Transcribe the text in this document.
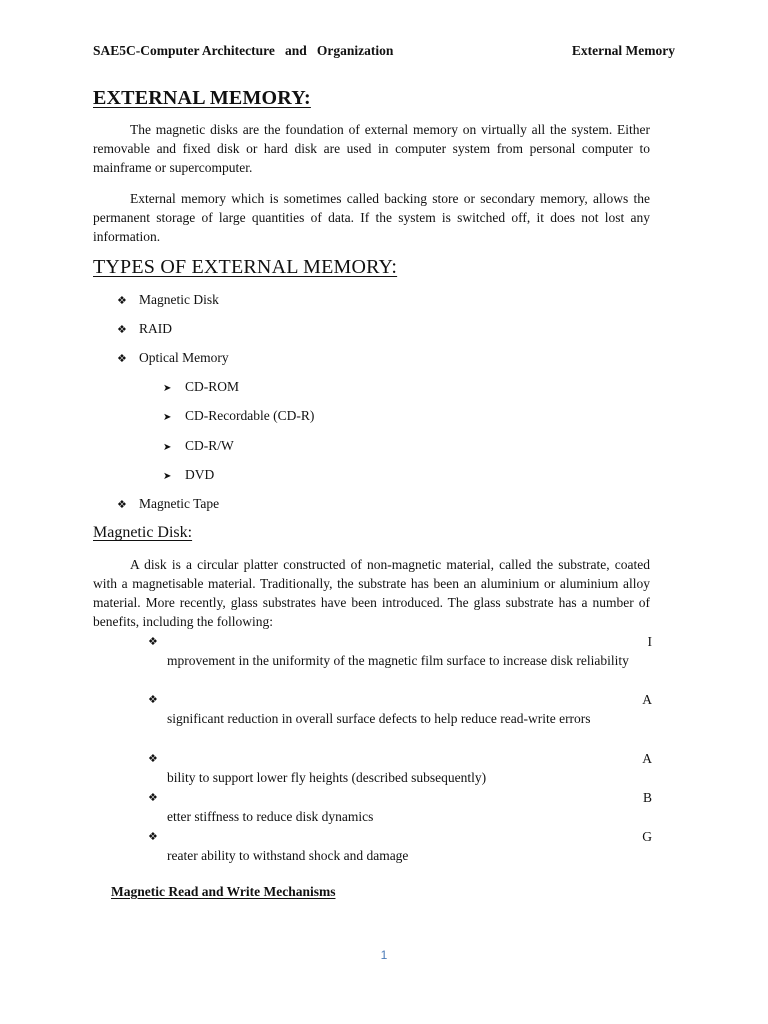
SAE5C-Computer Architecture   and   Organization	External Memory
EXTERNAL MEMORY:

The magnetic disks are the foundation of external memory on virtually all the system. Either removable and fixed disk or hard disk are used in computer system from personal computer to mainframe or supercomputer.

External memory which is sometimes called backing store or secondary memory, allows the permanent storage of large quantities of data. If the system is switched off, it does not lost any information.

TYPES OF EXTERNAL MEMORY:
❖ Magnetic Disk
❖ RAID
❖ Optical Memory
➤ CD-ROM
➤ CD-Recordable (CD-R)
➤ CD-R/W
➤ DVD
❖ Magnetic Tape
Magnetic Disk:

A disk is a circular platter constructed of non-magnetic material, called the substrate, coated with a magnetisable material. Traditionally, the substrate has been an aluminium or aluminium alloy material. More recently, glass substrates have been introduced. The glass substrate has a number of benefits, including the following:

❖	I
mprovement in the uniformity of the magnetic film surface to increase disk reliability
❖	A
significant reduction in overall surface defects to help reduce read-write errors
❖	A
bility to support lower fly heights (described subsequently)
❖	B
etter stiffness to reduce disk dynamics
❖	G
reater ability to withstand shock and damage
Magnetic Read and Write Mechanisms
1
